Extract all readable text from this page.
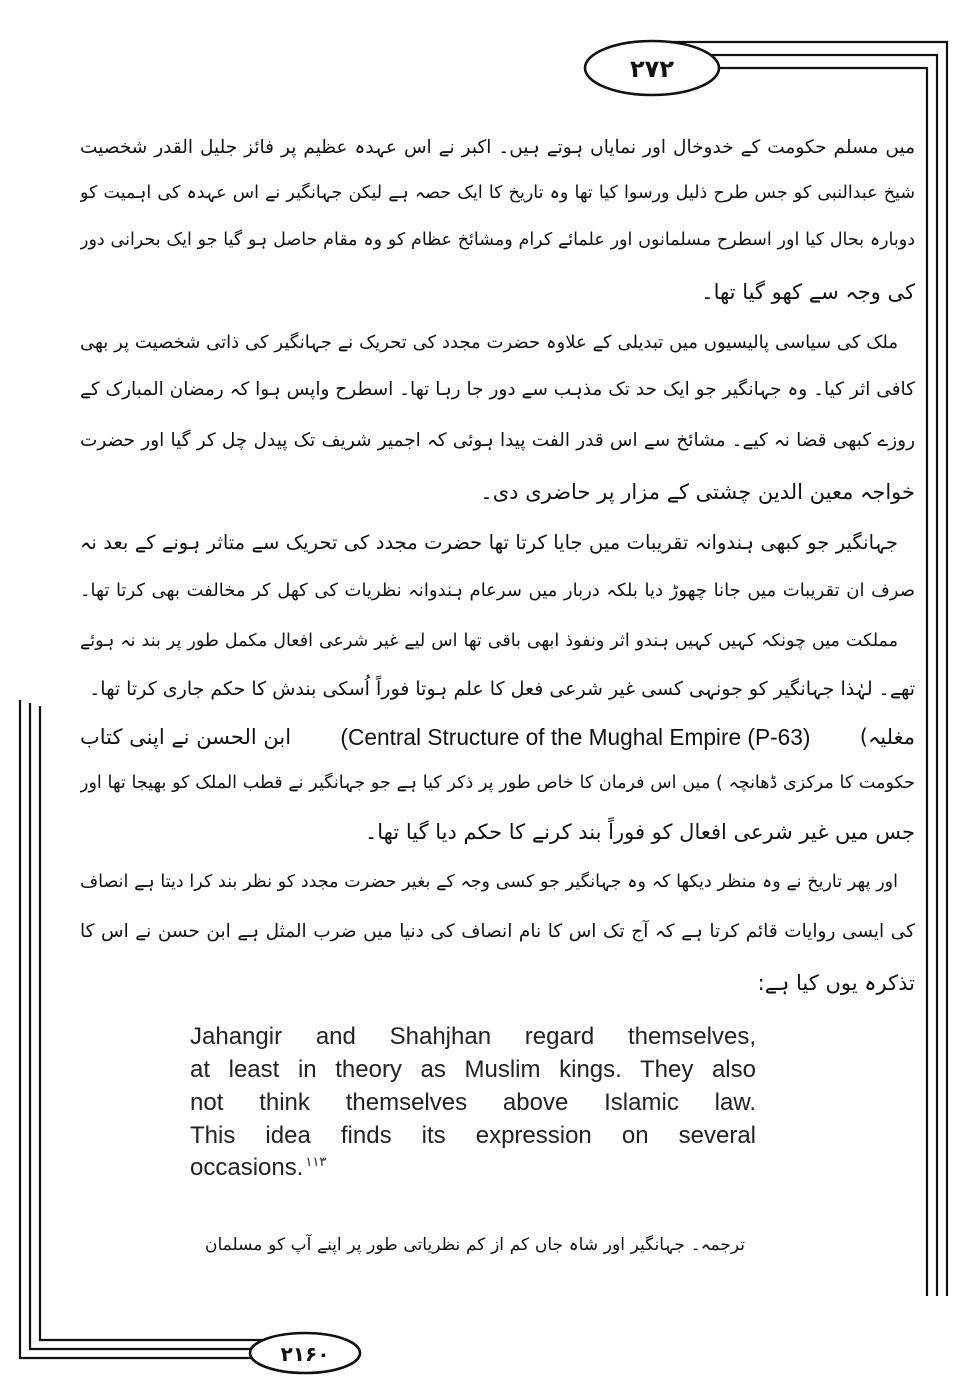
۲۷۲
۲۱۶۰
میں مسلم حکومت کے خدوخال اور نمایاں ہوتے ہیں۔ اکبر نے اس عہدہ عظیم پر فائز جلیل القدر شخصیت
شیخ عبدالنبی کو جس طرح ذلیل ورسوا کیا تھا وہ تاریخ کا ایک حصہ ہے لیکن جہانگیر نے اس عہدہ کی اہمیت کو
دوبارہ بحال کیا اور اسطرح مسلمانوں اور علمائے کرام ومشائخ عظام کو وہ مقام حاصل ہو گیا جو ایک بحرانی دور
کی وجہ سے کھو گیا تھا۔
ملک کی سیاسی پالیسیوں میں تبدیلی کے علاوہ حضرت مجدد کی تحریک نے جہانگیر کی ذاتی شخصیت پر بھی
کافی اثر کیا۔ وہ جہانگیر جو ایک حد تک مذہب سے دور جا رہا تھا۔ اسطرح واپس ہوا کہ رمضان المبارک کے
روزے کبھی قضا نہ کیے۔ مشائخ سے اس قدر الفت پیدا ہوئی کہ اجمیر شریف تک پیدل چل کر گیا اور حضرت
خواجہ معین الدین چشتی کے مزار پر حاضری دی۔
جہانگیر جو کبھی ہندوانہ تقریبات میں جایا کرتا تھا حضرت مجدد کی تحریک سے متاثر ہونے کے بعد نہ
صرف ان تقریبات میں جانا چھوڑ دیا بلکہ دربار میں سرعام ہندوانہ نظریات کی کھل کر مخالفت بھی کرتا تھا۔
مملکت میں چونکہ کہیں کہیں ہندو اثر ونفوذ ابھی باقی تھا اس لیے غیر شرعی افعال مکمل طور پر بند نہ ہوئے
تھے۔ لہٰذا جہانگیر کو جونہی کسی غیر شرعی فعل کا علم ہوتا فوراً اُسکی بندش کا حکم جاری کرتا تھا۔
ابن الحسن نے اپنی کتاب (Central Structure of the Mughal Empire (P-63) (مغلیہ
حکومت کا مرکزی ڈھانچہ ) میں اس فرمان کا خاص طور پر ذکر کیا ہے جو جہانگیر نے قطب الملک کو بھیجا تھا اور
جس میں غیر شرعی افعال کو فوراً بند کرنے کا حکم دیا گیا تھا۔
اور پھر تاریخ نے وہ منظر دیکھا کہ وہ جہانگیر جو کسی وجہ کے بغیر حضرت مجدد کو نظر بند کرا دیتا ہے انصاف
کی ایسی روایات قائم کرتا ہے کہ آج تک اس کا نام انصاف کی دنیا میں ضرب المثل ہے ابن حسن نے اس کا
تذکرہ یوں کیا ہے:
Jahangir and Shahjhan regard themselves,
at least in theory as Muslim kings. They also
not think themselves above Islamic law.
This idea finds its expression on several
occasions. $^{۱۱۳}$
ترجمہ۔ جہانگیر اور شاہ جاں کم از کم نظریاتی طور پر اپنے آپ کو مسلمان
